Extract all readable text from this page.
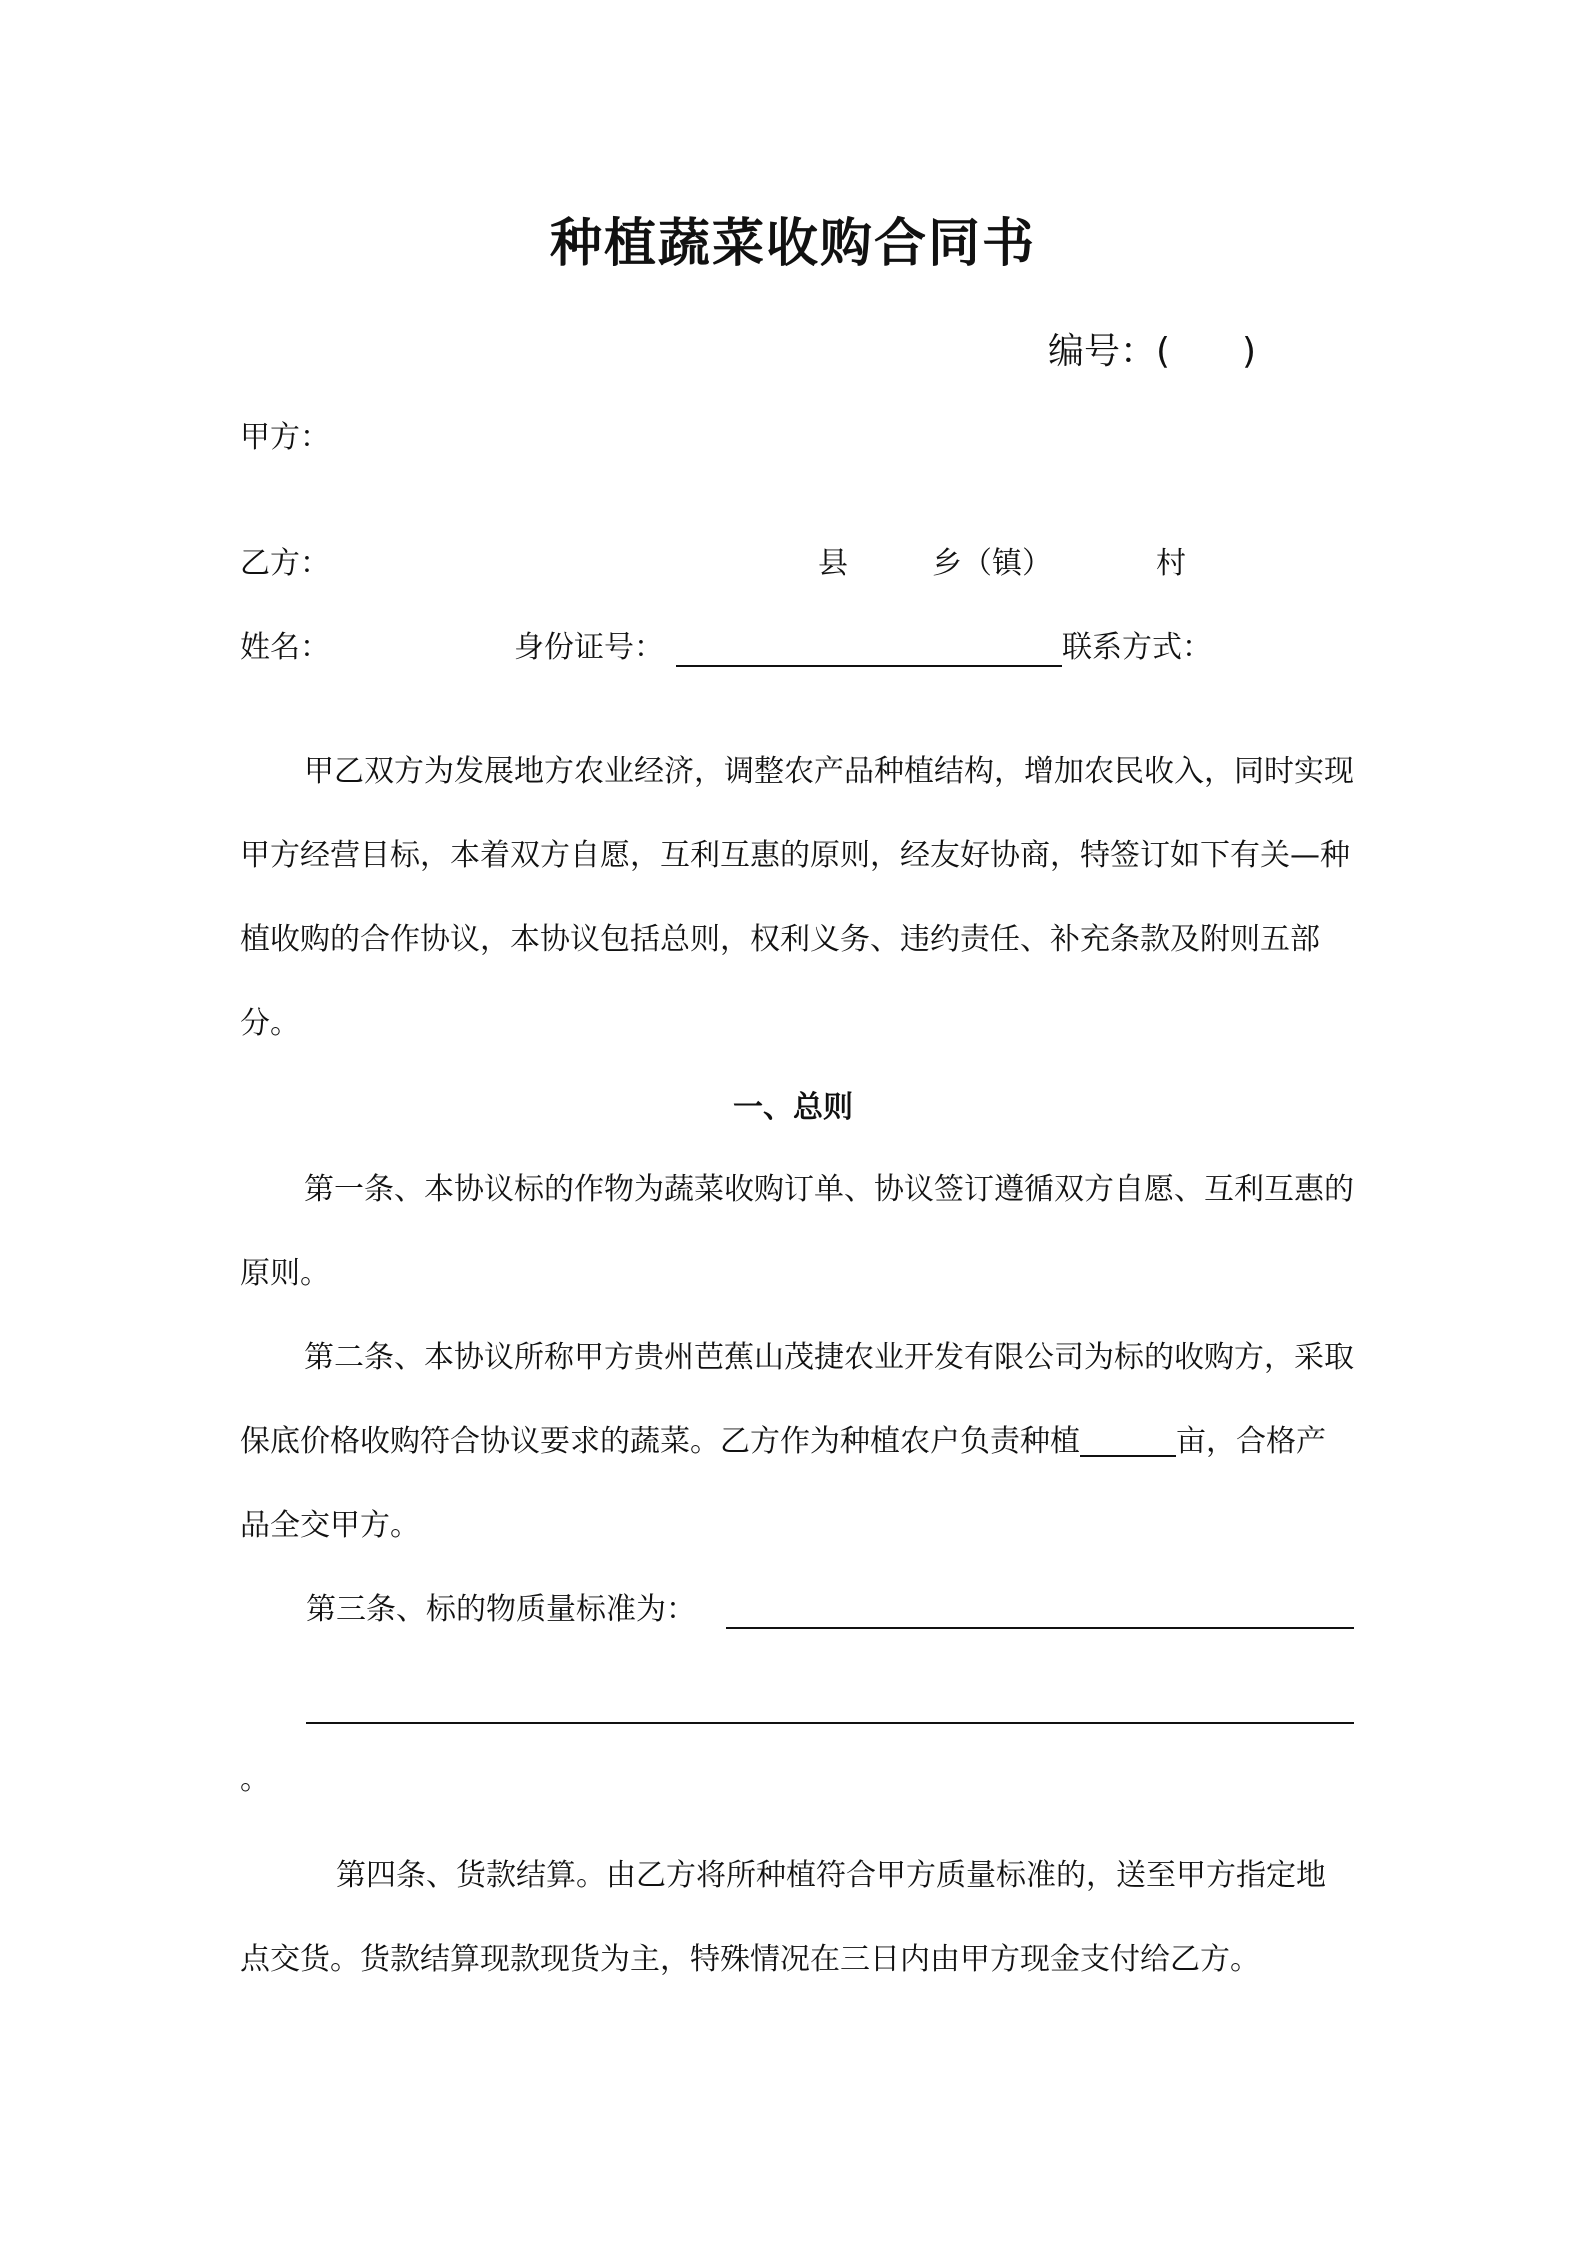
种植蔬菜收购合同书
编号：(　　)
甲方：
乙方：	县	乡（镇）	村
姓名：	身份证号：	联系方式：
甲乙双方为发展地方农业经济，调整农产品种植结构，增加农民收入，同时实现甲方经营目标，本着双方自愿，互利互惠的原则，经友好协商，特签订如下有关—种植收购的合作协议，本协议包括总则，权利义务、违约责任、补充条款及附则五部分。
一、总则
第一条、本协议标的作物为蔬菜收购订单、协议签订遵循双方自愿、互利互惠的原则。
第二条、本协议所称甲方贵州芭蕉山茂捷农业开发有限公司为标的收购方，采取保底价格收购符合协议要求的蔬菜。乙方作为种植农户负责种植	亩，合格产品全交甲方。
第三条、标的物质量标准为：
。
第四条、货款结算。由乙方将所种植符合甲方质量标准的，送至甲方指定地点交货。货款结算现款现货为主，特殊情况在三日内由甲方现金支付给乙方。
